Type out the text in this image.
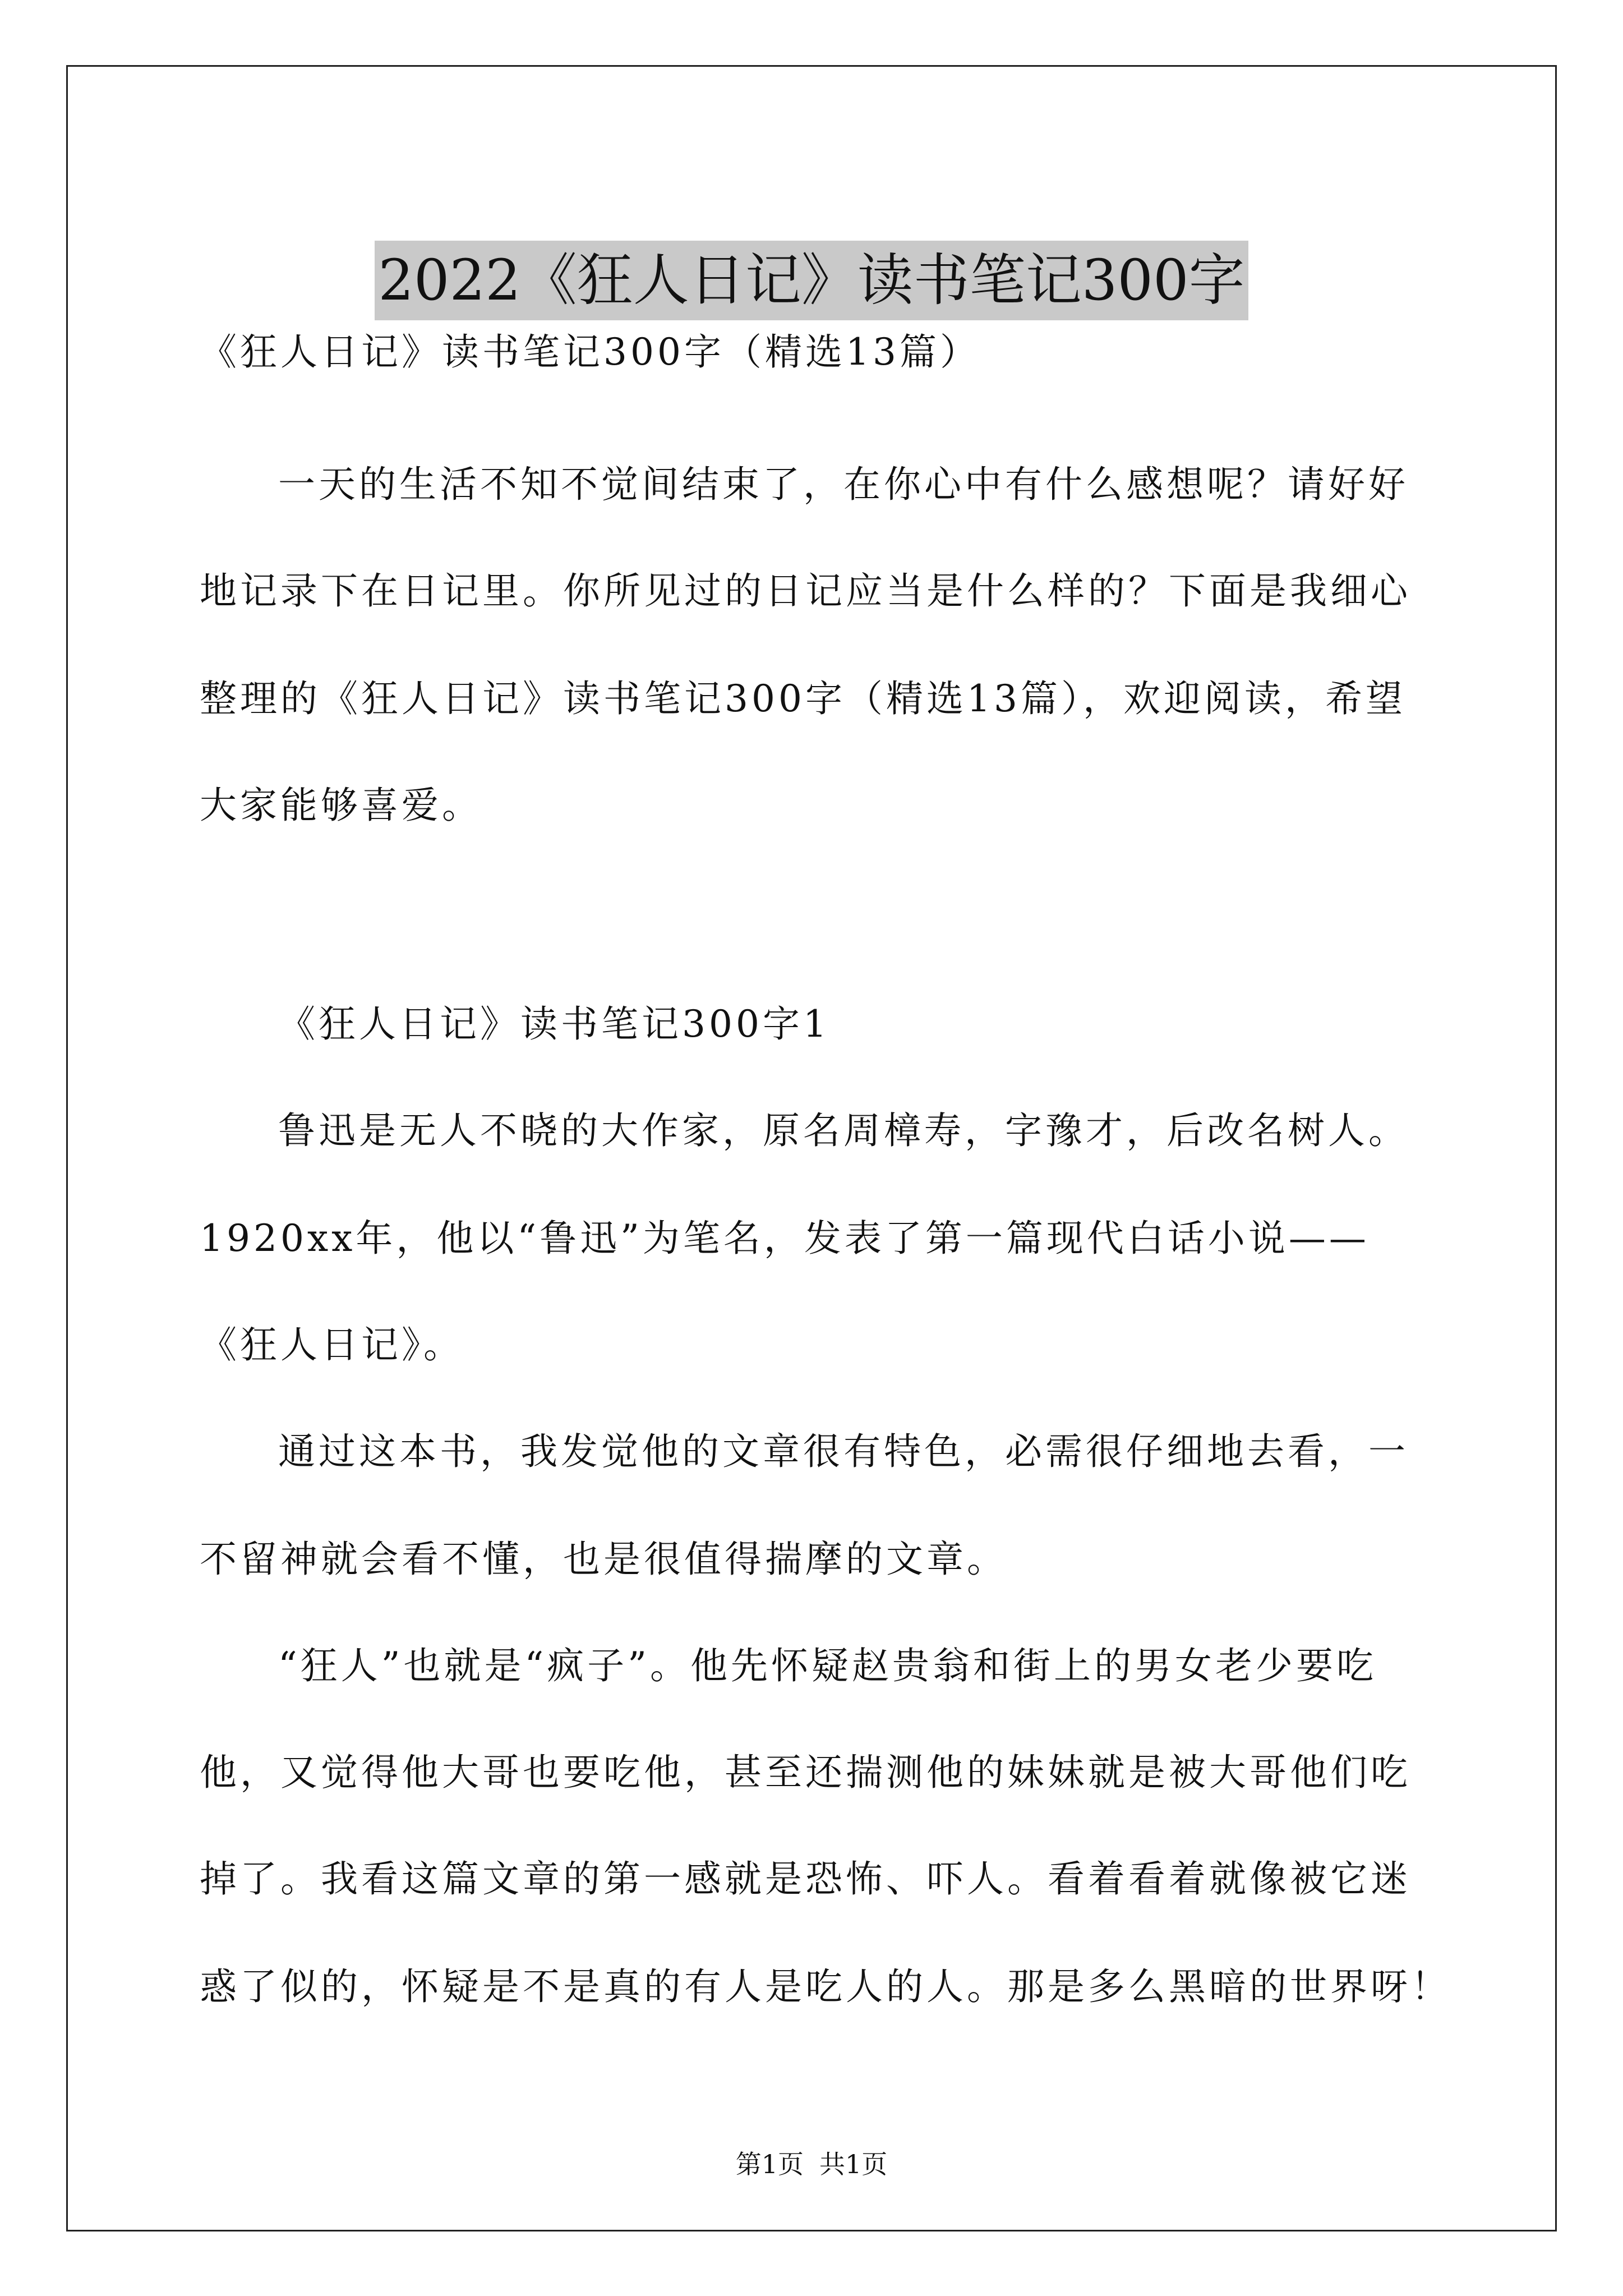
2022《狂人日记》读书笔记300字
《狂人日记》读书笔记300字（精选13篇）
一天的生活不知不觉间结束了，在你心中有什么感想呢？请好好
地记录下在日记里。你所见过的日记应当是什么样的？下面是我细心
整理的《狂人日记》读书笔记300字（精选13篇），欢迎阅读，希望
大家能够喜爱。
《狂人日记》读书笔记300字1
鲁迅是无人不晓的大作家，原名周樟寿，字豫才，后改名树人。
1920xx年，他以“鲁迅”为笔名，发表了第一篇现代白话小说——
《狂人日记》。
通过这本书，我发觉他的文章很有特色，必需很仔细地去看，一
不留神就会看不懂，也是很值得揣摩的文章。
“狂人”也就是“疯子”。他先怀疑赵贵翁和街上的男女老少要吃
他，又觉得他大哥也要吃他，甚至还揣测他的妹妹就是被大哥他们吃
掉了。我看这篇文章的第一感就是恐怖、吓人。看着看着就像被它迷
惑了似的，怀疑是不是真的有人是吃人的人。那是多么黑暗的世界呀！
第1页 共1页
